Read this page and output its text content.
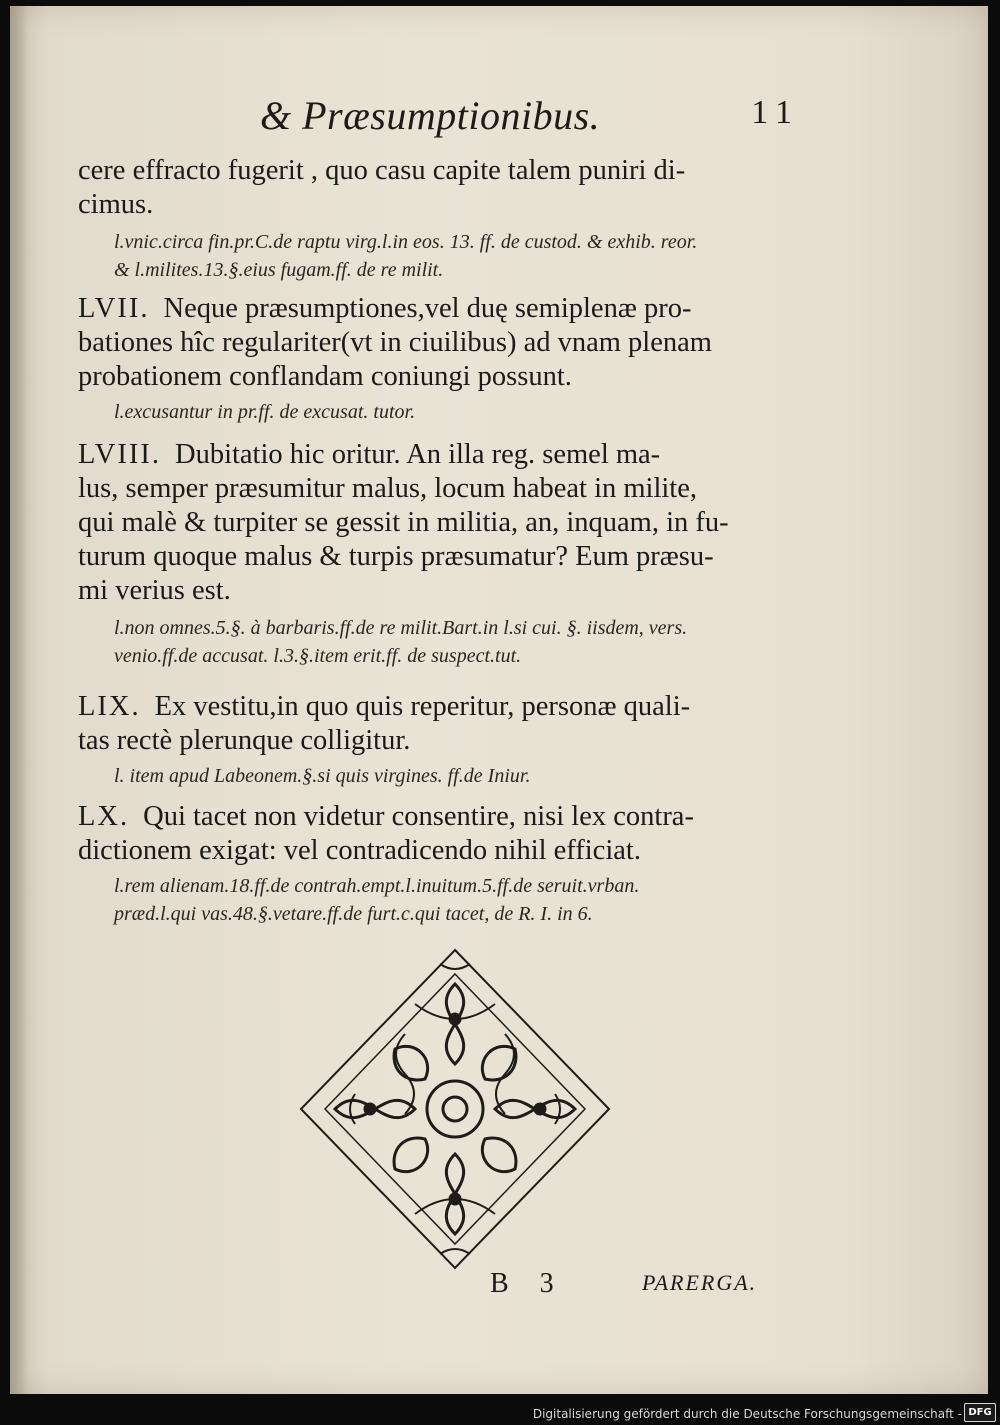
& Præsumptionibus.	11
cere effracto fugerit , quo casu capite talem puniri di-
cimus.
l.vnic.circa fin.pr.C.de raptu virg.l.in eos. 13. ff. de custod. & exhib. reor.
& l.milites.13.§.eius fugam.ff. de re milit.
LVII. Neque præsumptiones,vel duę semiplenæ pro-
bationes hîc regulariter(vt in ciuilibus) ad vnam plenam
probationem conflandam coniungi possunt.
l.excusantur in pr.ff. de excusat. tutor.
LVIII. Dubitatio hic oritur. An illa reg. semel ma-
lus, semper præsumitur malus, locum habeat in milite,
qui malè & turpiter se gessit in militia, an, inquam, in fu-
turum quoque malus & turpis præsumatur? Eum præsu-
mi verius est.
l.non omnes.5.§. à barbaris.ff.de re milit.Bart.in l.si cui. §. iisdem, vers.
venio.ff.de accusat. l.3.§.item erit.ff. de suspect.tut.
LIX. Ex vestitu,in quo quis reperitur, personæ quali-
tas rectè plerunque colligitur.
l. item apud Labeonem.§.si quis virgines. ff.de Iniur.
LX. Qui tacet non videtur consentire, nisi lex contra-
dictionem exigat: vel contradicendo nihil efficiat.
l.rem alienam.18.ff.de contrah.empt.l.inuitum.5.ff.de seruit.vrban.
præd.l.qui vas.48.§.vetare.ff.de furt.c.qui tacet, de R. I. in 6.
B 3	PARERGA.
Digitalisierung gefördert durch die Deutsche Forschungsgemeinschaft - DFG
